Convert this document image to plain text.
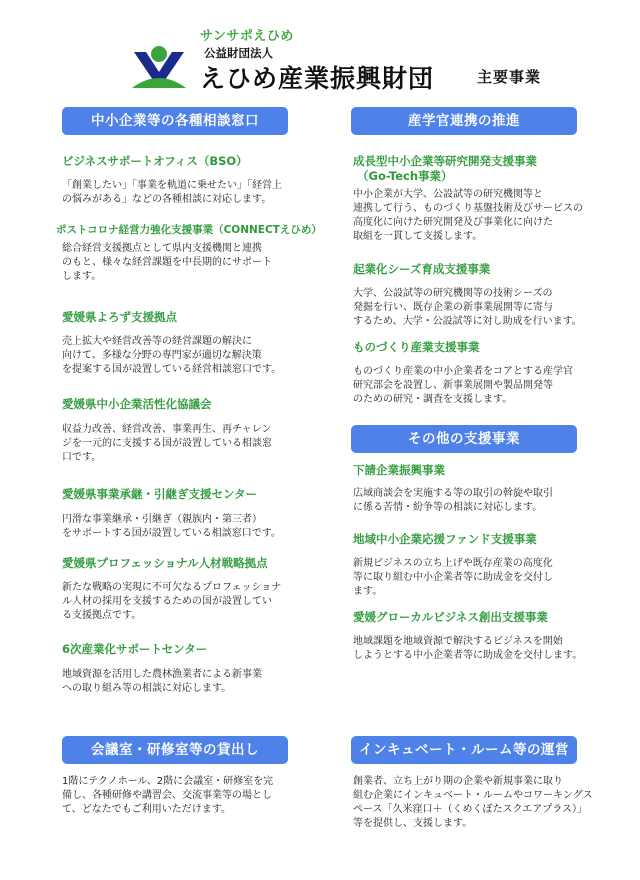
サンサポえひめ
公益財団法人
えひめ産業振興財団	主要事業
中小企業等の各種相談窓口
ビジネスサポートオフィス（BSO）
「創業したい」「事業を軌道に乗せたい」「経営上
の悩みがある」などの各種相談に対応します。
ポストコロナ経営力強化支援事業（CONNECTえひめ）
総合経営支援拠点として県内支援機関と連携
のもと、様々な経営課題を中長期的にサポート
します。
愛媛県よろず支援拠点
売上拡大や経営改善等の経営課題の解決に
向けて、多様な分野の専門家が適切な解決策
を提案する国が設置している経営相談窓口です。
愛媛県中小企業活性化協議会
収益力改善、経営改善、事業再生、再チャレン
ジを一元的に支援する国が設置している相談窓
口です。
愛媛県事業承継・引継ぎ支援センター
円滑な事業継承・引継ぎ（親族内・第三者）
をサポートする国が設置している相談窓口です。
愛媛県プロフェッショナル人材戦略拠点
新たな戦略の実現に不可欠なるプロフェッショナ
ル人材の採用を支援するための国が設置してい
る支援拠点です。
6次産業化サポートセンター
地域資源を活用した農林漁業者による新事業
への取り組み等の相談に対応します。
産学官連携の推進
成長型中小企業等研究開発支援事業
（Go-Tech事業）
中小企業が大学、公設試等の研究機関等と
連携して行う、ものづくり基盤技術及びサービスの
高度化に向けた研究開発及び事業化に向けた
取組を一貫して支援します。
起業化シーズ育成支援事業
大学、公設試等の研究機関等の技術シーズの
発掘を行い、既存企業の新事業展開等に寄与
するため、大学・公設試等に対し助成を行います。
ものづくり産業支援事業
ものづくり産業の中小企業者をコアとする産学官
研究部会を設置し、新事業展開や製品開発等
のための研究・調査を支援します。
その他の支援事業
下請企業振興事業
広域商談会を実施する等の取引の斡旋や取引
に係る苦情・紛争等の相談に対応します。
地域中小企業応援ファンド支援事業
新規ビジネスの立ち上げや既存産業の高度化
等に取り組む中小企業者等に助成金を交付し
ます。
愛媛グローカルビジネス創出支援事業
地域課題を地域資源で解決するビジネスを開始
しようとする中小企業者等に助成金を交付します。
会議室・研修室等の貸出し
1階にテクノホール、2階に会議室・研修室を完
備し、各種研修や講習会、交流事業等の場とし
て、どなたでもご利用いただけます。
インキュベート・ルーム等の運営
創業者、立ち上がり期の企業や新規事業に取り
組む企業にインキュベート・ルームやコワーキングス
ペース「久米窪口＋（くめくぼたスクエアプラス）」
等を提供し、支援します。
